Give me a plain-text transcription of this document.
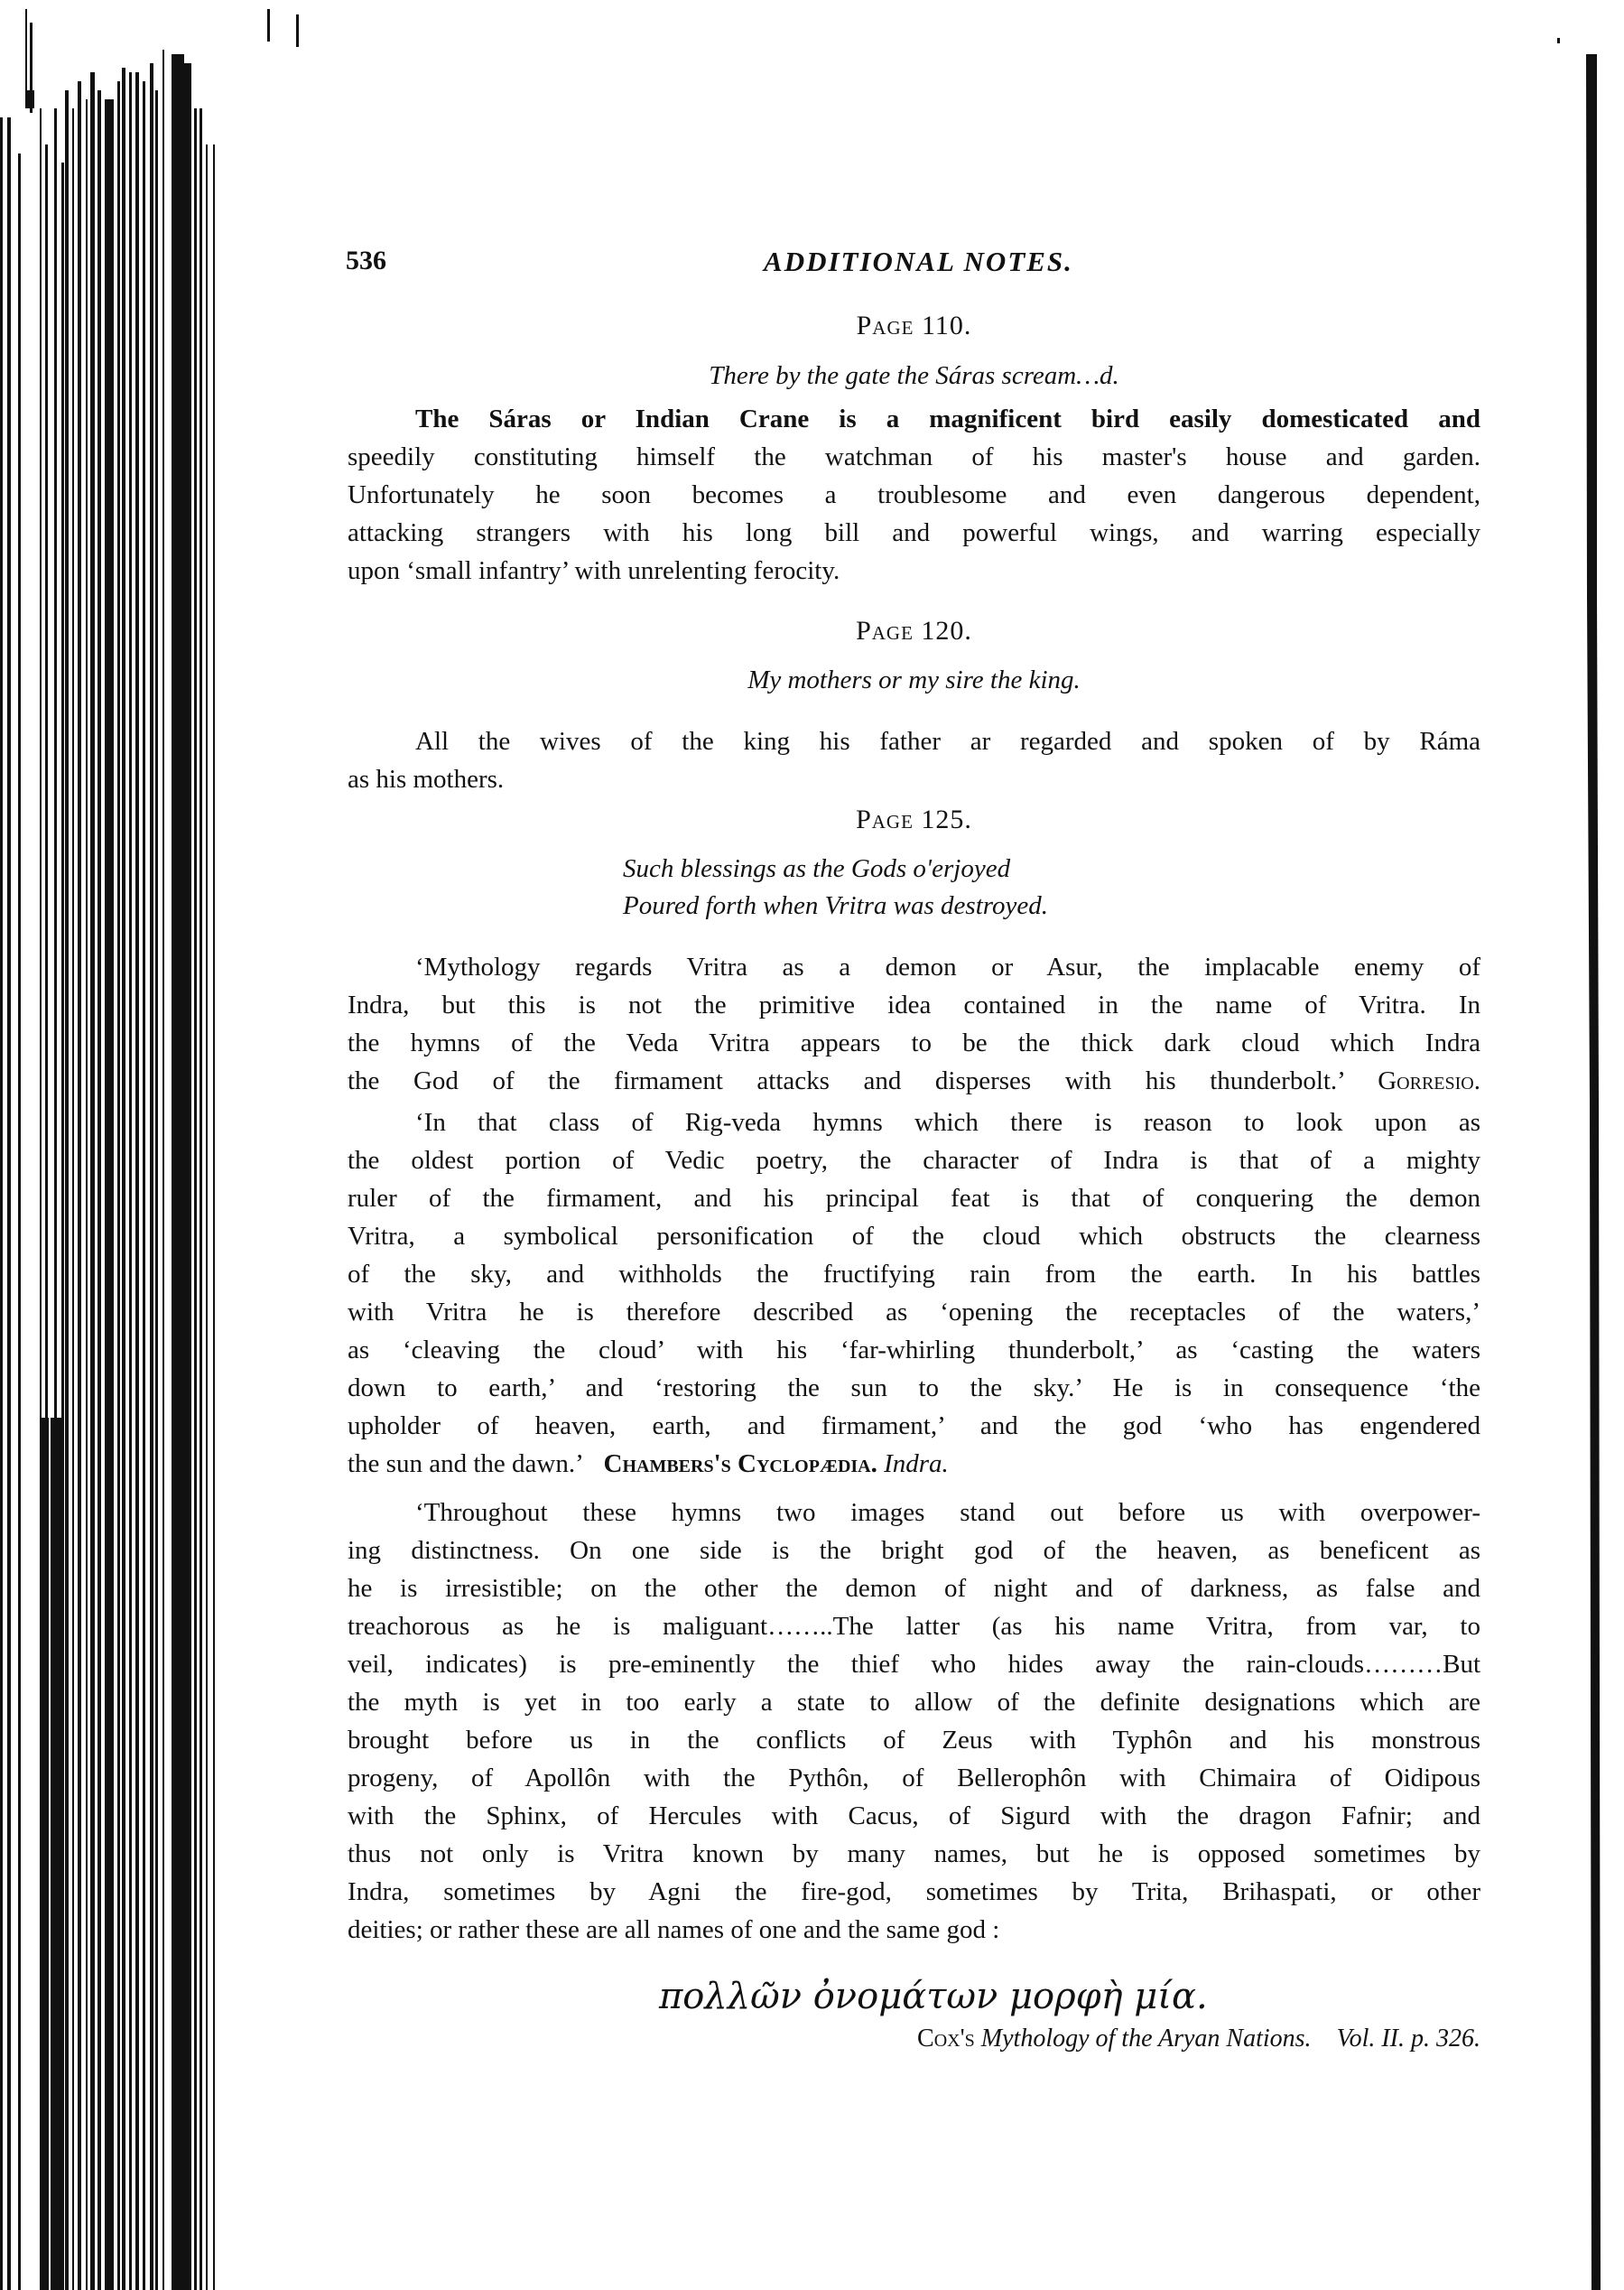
536	ADDITIONAL NOTES.
Page 110.
There by the gate the Sáras scream…d.
The Sáras or Indian Crane is a magnificent bird easily domesticated and
speedily constituting himself the watchman of his master's house and garden.
Unfortunately he soon becomes a troublesome and even dangerous dependent,
attacking strangers with his long bill and powerful wings, and warring especially
upon ‘small infantry’ with unrelenting ferocity.
Page 120.
My mothers or my sire the king.
All the wives of the king his father ar regarded and spoken of by Ráma
as his mothers.
Page 125.
Such blessings as the Gods o'erjoyed
Poured forth when Vritra was destroyed.
‘Mythology regards Vritra as a demon or Asur, the implacable enemy of
Indra, but this is not the primitive idea contained in the name of Vritra. In
the hymns of the Veda Vritra appears to be the thick dark cloud which Indra
the God of the firmament attacks and disperses with his thunderbolt.’ Gorresio.
‘In that class of Rig-veda hymns which there is reason to look upon as
the oldest portion of Vedic poetry, the character of Indra is that of a mighty
ruler of the firmament, and his principal feat is that of conquering the demon
Vritra, a symbolical personification of the cloud which obstructs the clearness
of the sky, and withholds the fructifying rain from the earth. In his battles
with Vritra he is therefore described as ‘opening the receptacles of the waters,’
as ‘cleaving the cloud’ with his ‘far-whirling thunderbolt,’ as ‘casting the waters
down to earth,’ and ‘restoring the sun to the sky.’ He is in consequence ‘the
upholder of heaven, earth, and firmament,’ and the god ‘who has engendered
the sun and the dawn.’ Chambers's Cyclopædia. Indra.
‘Throughout these hymns two images stand out before us with overpower-
ing distinctness. On one side is the bright god of the heaven, as beneficent as
he is irresistible; on the other the demon of night and of darkness, as false and
treachorous as he is maliguant……..The latter (as his name Vritra, from var, to
veil, indicates) is pre-eminently the thief who hides away the rain-clouds………But
the myth is yet in too early a state to allow of the definite designations which are
brought before us in the conflicts of Zeus with Typhôn and his monstrous
progeny, of Apollôn with the Pythôn, of Bellerophôn with Chimaira of Oidipous
with the Sphinx, of Hercules with Cacus, of Sigurd with the dragon Fafnir; and
thus not only is Vritra known by many names, but he is opposed sometimes by
Indra, sometimes by Agni the fire-god, sometimes by Trita, Brihaspati, or other
deities; or rather these are all names of one and the same god :
πολλῶν ὀνομάτων μορφὴ μία.
Cox's Mythology of the Aryan Nations. Vol. II. p. 326.
